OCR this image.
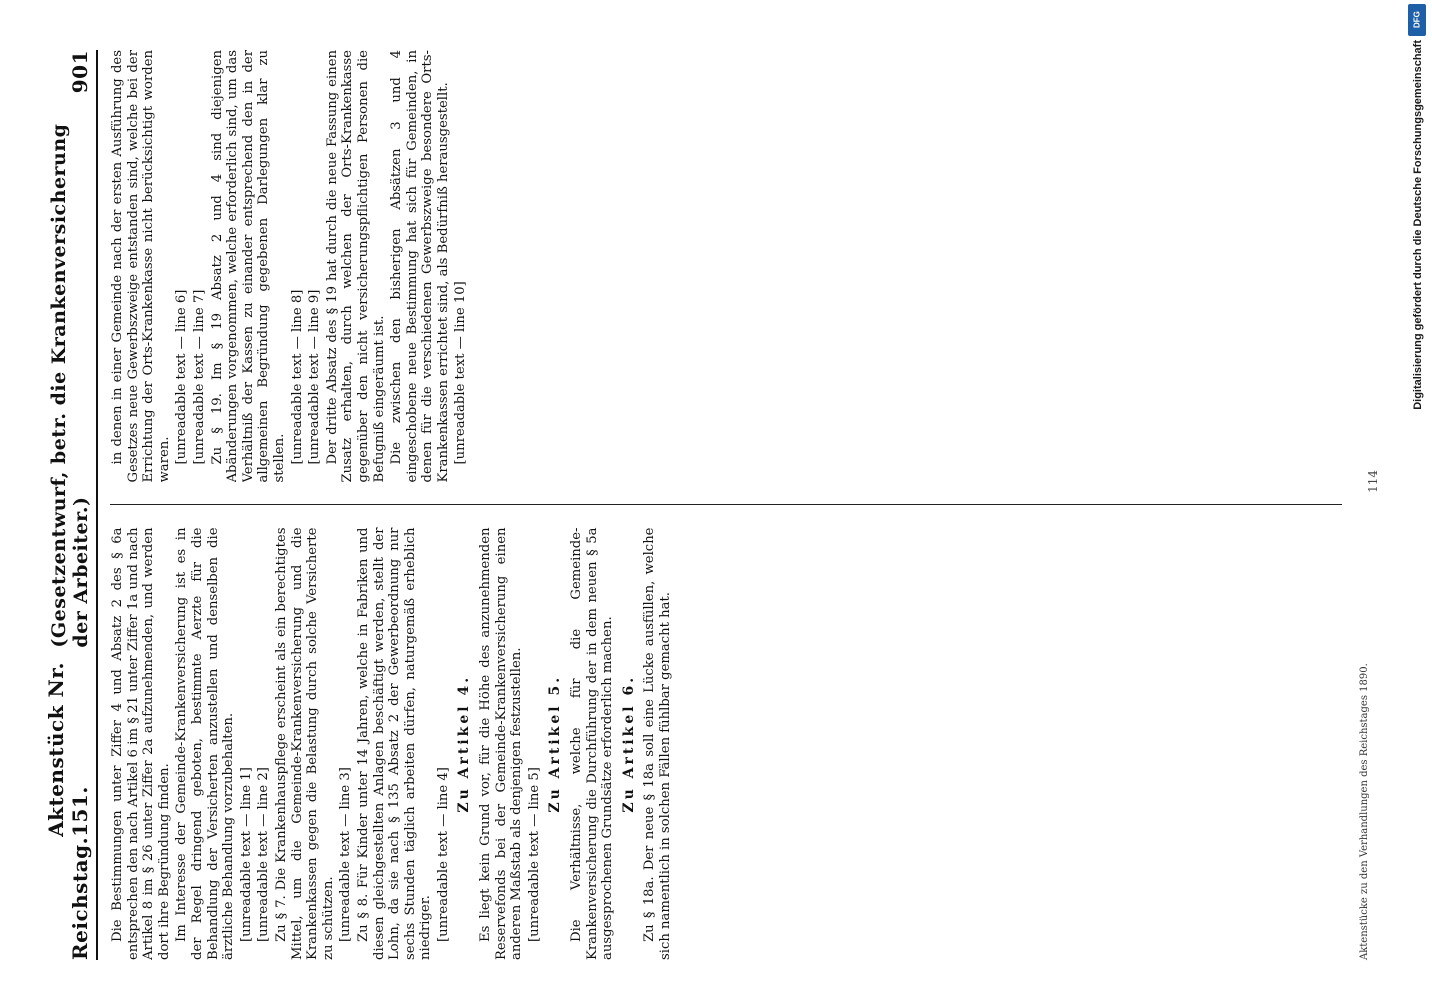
Reichstag.
Aktenstück Nr. 151.
(Gesetzentwurf, betr. die Krankenversicherung der Arbeiter.)
901

Die Bestimmungen unter Ziffer 4 und Absatz 2 des § 6a entsprechen den nach Artikel 6 im § 21 unter Ziffer 1a und nach Artikel 8 im § 26 unter Ziffer 2a aufzunehmenden, und werden dort ihre Begründung finden. Im Interesse der Gemeinde-Krankenversicherung ist es in der Regel dringend geboten, bestimmte Aerzte für die Behandlung der Versicherten anzustellen und denselben die ärztliche Behandlung vorzubehalten. [unreadable text — line 1] [unreadable text — line 2] Zu § 7. Die Krankenhauspflege erscheint als ein berechtigtes Mittel, um die Gemeinde-Krankenversicherung und die Krankenkassen gegen die Belastung durch solche Versicherte zu schützen. [unreadable text — line 3] Zu § 8. Für Kinder unter 14 Jahren, welche in Fabriken und diesen gleichgestellten Anlagen beschäftigt werden, stellt der Lohn, da sie nach § 135 Absatz 2 der Gewerbeordnung nur sechs Stunden täglich arbeiten dürfen, naturgemäß erheblich niedriger. [unreadable text — line 4]

Zu Artikel 4. Es liegt kein Grund vor, für die Höhe des anzunehmenden Reservefonds bei der Gemeinde-Krankenversicherung einen anderen Maßstab als denjenigen festzustellen. [unreadable text — line 5]

Zu Artikel 5. Die Verhältnisse, welche für die Gemeinde-Krankenversicherung die Durchführung der in dem neuen § 5a ausgesprochenen Grundsätze erforderlich machen. Zu Artikel 6. Zu § 18a. Der neue § 18a soll eine Lücke ausfüllen, welche sich namentlich in solchen Fällen fühlbar gemacht hat.

in denen in einer Gemeinde nach der ersten Ausführung des Gesetzes neue Gewerbszweige entstanden sind, welche bei der Errichtung der Orts-Krankenkasse nicht berücksichtigt worden waren. [unreadable text — line 6] [unreadable text — line 7] Zu § 19. Im § 19 Absatz 2 und 4 sind diejenigen Abänderungen vorgenommen, welche erforderlich sind, um das Verhältniß der Kassen zu einander entsprechend den in der allgemeinen Begründung gegebenen Darlegungen klar zu stellen. [unreadable text — line 8] [unreadable text — line 9] Der dritte Absatz des § 19 hat durch die neue Fassung einen Zusatz erhalten, durch welchen der Orts-Krankenkasse gegenüber den nicht versicherungspflichtigen Personen die Befugniß eingeräumt ist. Die zwischen den bisherigen Absätzen 3 und 4 eingeschobene neue Bestimmung hat sich für Gemeinden, in denen für die verschiedenen Gewerbszweige besondere Orts-Krankenkassen errichtet sind, als Bedürfniß herausgestellt. [unreadable text — line 10]

Aktenstücke zu den Verhandlungen des Reichstages 1890.
114
DFG
Digitalisierung gefördert durch die Deutsche Forschungsgemeinschaft
